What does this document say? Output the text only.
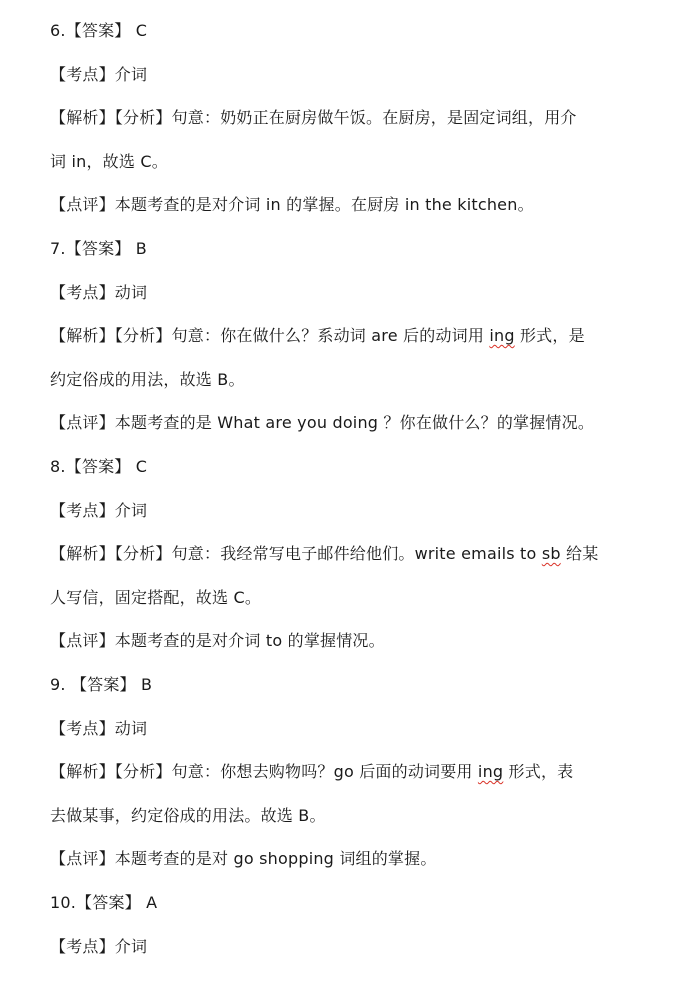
6.【答案】 C
【考点】介词
【解析】【分析】句意：奶奶正在厨房做午饭。在厨房，是固定词组，用介
词 in，故选 C。
【点评】本题考查的是对介词 in 的掌握。在厨房 in the kitchen。
7.【答案】 B
【考点】动词
【解析】【分析】句意：你在做什么？系动词 are 后的动词用 ing 形式，是
约定俗成的用法，故选 B。
【点评】本题考查的是 What are you doing ？你在做什么？的掌握情况。
8.【答案】 C
【考点】介词
【解析】【分析】句意：我经常写电子邮件给他们。write emails to sb 给某
人写信，固定搭配，故选 C。
【点评】本题考查的是对介词 to 的掌握情况。
9. 【答案】 B
【考点】动词
【解析】【分析】句意：你想去购物吗？go 后面的动词要用 ing 形式，表
去做某事，约定俗成的用法。故选 B。
【点评】本题考查的是对 go shopping 词组的掌握。
10.【答案】 A
【考点】介词
